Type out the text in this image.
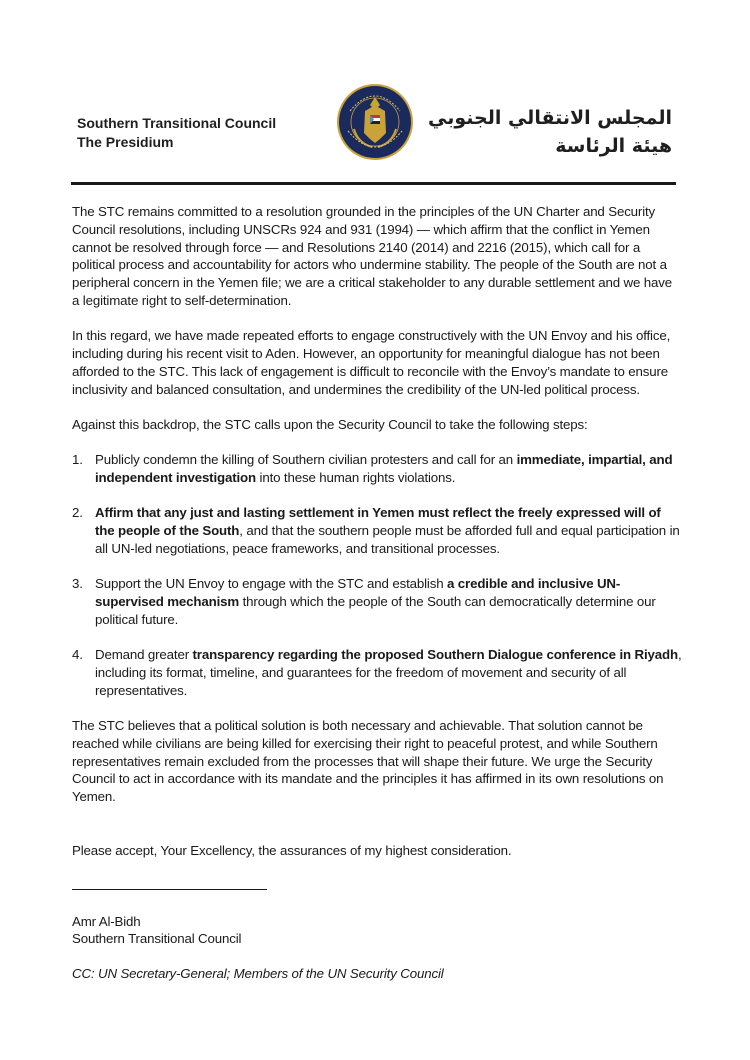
Southern Transitional Council
The Presidium
المجلس الانتقالي الجنوبي
هيئة الرئاسة

The STC remains committed to a resolution grounded in the principles of the UN Charter and Security Council resolutions, including UNSCRs 924 and 931 (1994) — which affirm that the conflict in Yemen cannot be resolved through force — and Resolutions 2140 (2014) and 2216 (2015), which call for a political process and accountability for actors who undermine stability. The people of the South are not a peripheral concern in the Yemen file; we are a critical stakeholder to any durable settlement and we have a legitimate right to self-determination.

In this regard, we have made repeated efforts to engage constructively with the UN Envoy and his office, including during his recent visit to Aden. However, an opportunity for meaningful dialogue has not been afforded to the STC. This lack of engagement is difficult to reconcile with the Envoy’s mandate to ensure inclusivity and balanced consultation, and undermines the credibility of the UN-led political process.

Against this backdrop, the STC calls upon the Security Council to take the following steps:

1. Publicly condemn the killing of Southern civilian protesters and call for an immediate, impartial, and independent investigation into these human rights violations.
2. Affirm that any just and lasting settlement in Yemen must reflect the freely expressed will of the people of the South, and that the southern people must be afforded full and equal participation in all UN-led negotiations, peace frameworks, and transitional processes.
3. Support the UN Envoy to engage with the STC and establish a credible and inclusive UN-supervised mechanism through which the people of the South can democratically determine our political future.
4. Demand greater transparency regarding the proposed Southern Dialogue conference in Riyadh, including its format, timeline, and guarantees for the freedom of movement and security of all representatives.

The STC believes that a political solution is both necessary and achievable. That solution cannot be reached while civilians are being killed for exercising their right to peaceful protest, and while Southern representatives remain excluded from the processes that will shape their future. We urge the Security Council to act in accordance with its mandate and the principles it has affirmed in its own resolutions on Yemen.

Please accept, Your Excellency, the assurances of my highest consideration.

Amr Al-Bidh

Southern Transitional Council

CC: UN Secretary-General; Members of the UN Security Council
